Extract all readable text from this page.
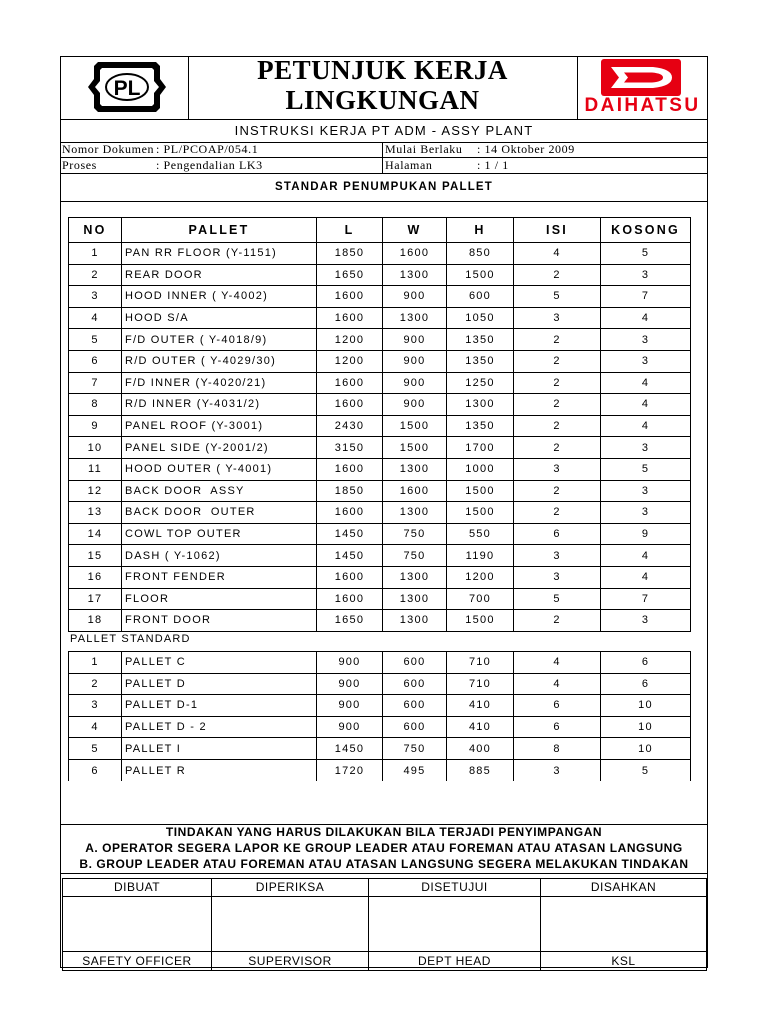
PL
PETUNJUK KERJA
LINGKUNGAN	DAIHATSU
INSTRUKSI KERJA PT ADM - ASSY PLANT
Nomor Dokumen : PL/PCOAP/054.1	Mulai Berlaku : 14 Oktober 2009
Proses	: Pengendalian LK3	Halaman	: 1 / 1
STANDAR PENUMPUKAN PALLET
NO	PALLET	L	W	H	ISI	KOSONG
1	PAN RR FLOOR (Y-1151)	1850	1600	850	4	5
2	REAR DOOR	1650	1300	1500	2	3
3	HOOD INNER ( Y-4002)	1600	900	600	5	7
4	HOOD S/A	1600	1300	1050	3	4
5	F/D OUTER ( Y-4018/9)	1200	900	1350	2	3
6	R/D OUTER ( Y-4029/30)	1200	900	1350	2	3
7	F/D INNER (Y-4020/21)	1600	900	1250	2	4
8	R/D INNER (Y-4031/2)	1600	900	1300	2	4
9	PANEL ROOF (Y-3001)	2430	1500	1350	2	4
10	PANEL SIDE (Y-2001/2)	3150	1500	1700	2	3
11	HOOD OUTER ( Y-4001)	1600	1300	1000	3	5
12	BACK DOOR  ASSY	1850	1600	1500	2	3
13	BACK DOOR  OUTER	1600	1300	1500	2	3
14	COWL TOP OUTER	1450	750	550	6	9
15	DASH ( Y-1062)	1450	750	1190	3	4
16	FRONT FENDER	1600	1300	1200	3	4
17	FLOOR	1600	1300	700	5	7
18	FRONT DOOR	1650	1300	1500	2	3
PALLET STANDARD
1	PALLET C	900	600	710	4	6
2	PALLET D	900	600	710	4	6
3	PALLET D-1	900	600	410	6	10
4	PALLET D - 2	900	600	410	6	10
5	PALLET I	1450	750	400	8	10
6	PALLET R	1720	495	885	3	5
TINDAKAN YANG HARUS DILAKUKAN BILA TERJADI PENYIMPANGAN
A. OPERATOR SEGERA LAPOR KE GROUP LEADER ATAU FOREMAN ATAU ATASAN LANGSUNG
B. GROUP LEADER ATAU FOREMAN ATAU ATASAN LANGSUNG SEGERA MELAKUKAN TINDAKAN
DIBUAT	DIPERIKSA	DISETUJUI	DISAHKAN

SAFETY OFFICER	SUPERVISOR	DEPT HEAD	KSL
